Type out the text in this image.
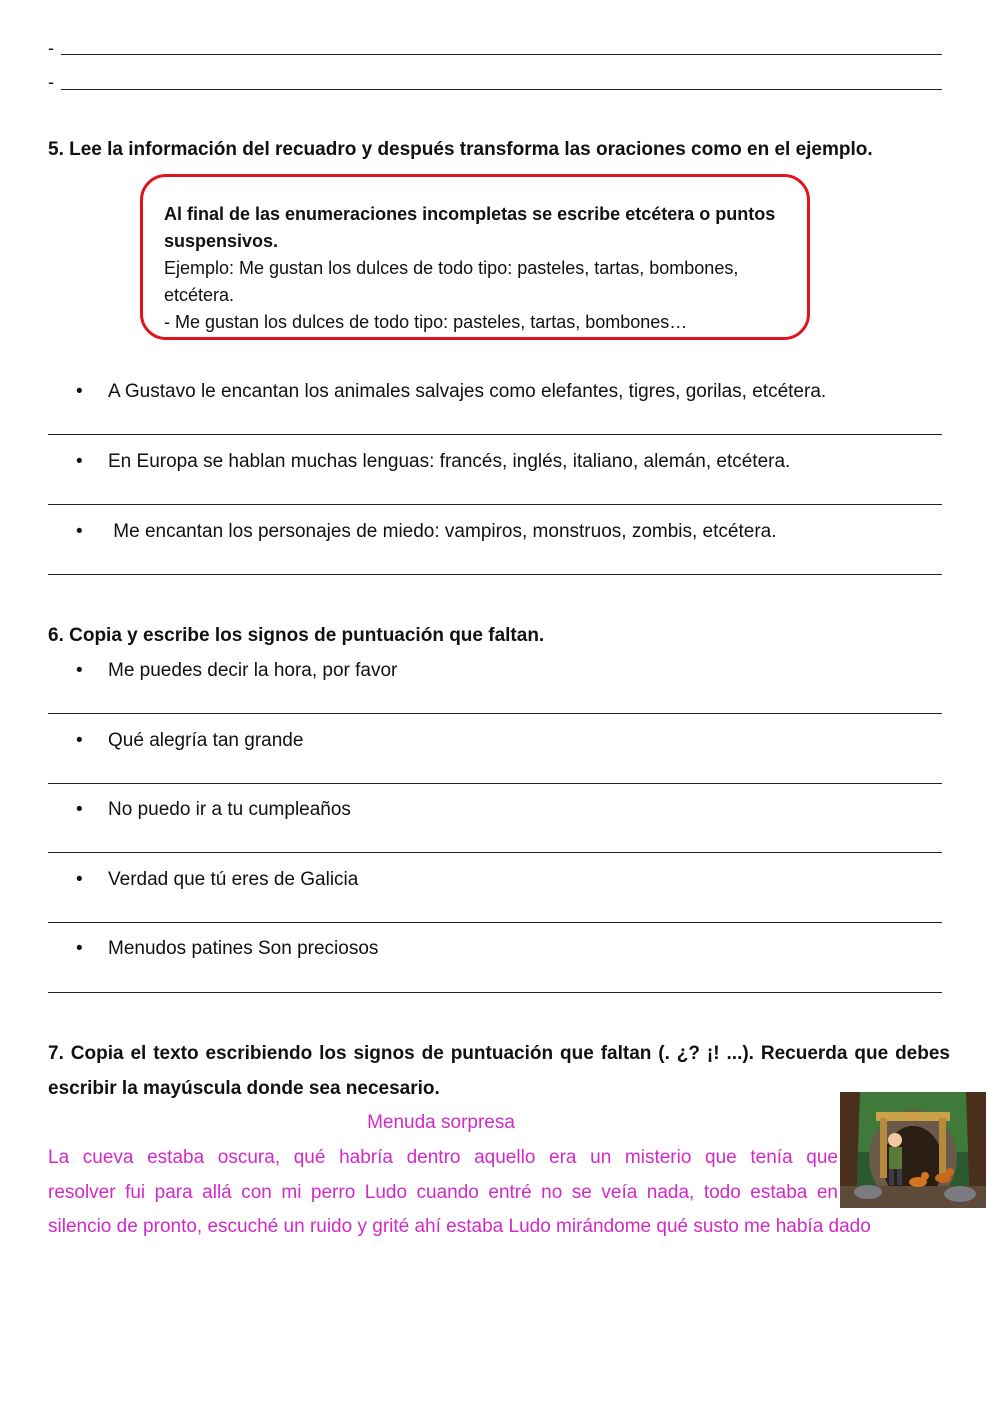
-
-
5. Lee la información del recuadro y después transforma las oraciones como en el ejemplo.
Al final de las enumeraciones incompletas se escribe etcétera o puntos suspensivos.
Ejemplo: Me gustan los dulces de todo tipo: pasteles, tartas, bombones, etcétera.
- Me gustan los dulces de todo tipo: pasteles, tartas, bombones…
• A Gustavo le encantan los animales salvajes como elefantes, tigres, gorilas, etcétera.
• En Europa se hablan muchas lenguas: francés, inglés, italiano, alemán, etcétera.
• Me encantan los personajes de miedo: vampiros, monstruos, zombis, etcétera.
6. Copia y escribe los signos de puntuación que faltan.
• Me puedes decir la hora, por favor
• Qué alegría tan grande
• No puedo ir a tu cumpleaños
• Verdad que tú eres de Galicia
• Menudos patines Son preciosos
7. Copia el texto escribiendo los signos de puntuación que faltan (. ¿? ¡! ...). Recuerda que debes escribir la mayúscula donde sea necesario.
Menuda sorpresa
La cueva estaba oscura, qué habría dentro aquello era un misterio que tenía que
resolver fui para allá con mi perro Ludo cuando entré no se veía nada, todo estaba en
silencio de pronto, escuché un ruido y grité ahí estaba Ludo mirándome qué susto me había dado
